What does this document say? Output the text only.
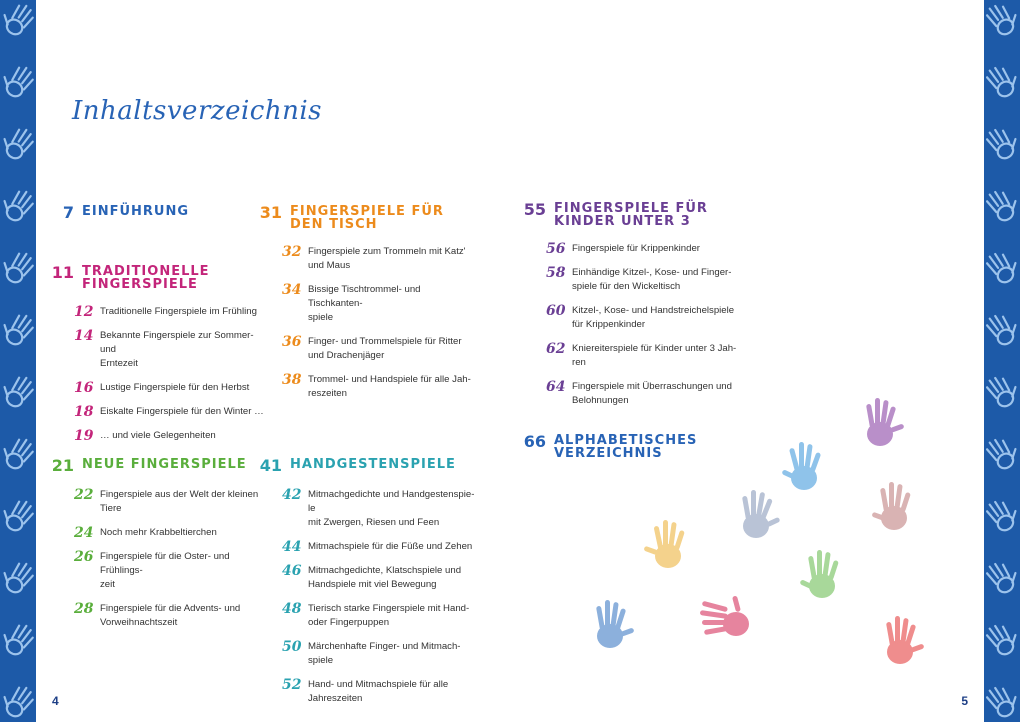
Inhaltsverzeichnis
7 EINFÜHRUNG
11 TRADITIONELLE FINGERSPIELE
12 Traditionelle Fingerspiele im Frühling
14 Bekannte Fingerspiele zur Sommer- und
Erntezeit
16 Lustige Fingerspiele für den Herbst
18 Eiskalte Fingerspiele für den Winter …
19 … und viele Gelegenheiten
21 NEUE FINGERSPIELE
22 Fingerspiele aus der Welt der kleinen
Tiere
24 Noch mehr Krabbeltierchen
26 Fingerspiele für die Oster- und Frühlings-
zeit
28 Fingerspiele für die Advents- und
Vorweihnachtszeit
31 FINGERSPIELE FÜR DEN TISCH
32 Fingerspiele zum Trommeln mit Katz'
und Maus
34 Bissige Tischtrommel- und Tischkanten-
spiele
36 Finger- und Trommelspiele für Ritter
und Drachenjäger
38 Trommel- und Handspiele für alle Jah-
reszeiten
41 HANDGESTENSPIELE
42 Mitmachgedichte und Handgestenspie-
le
mit Zwergen, Riesen und Feen
44 Mitmachspiele für die Füße und Zehen
46 Mitmachgedichte, Klatschspiele und
Handspiele mit viel Bewegung
48 Tierisch starke Fingerspiele mit Hand-
oder Fingerpuppen
50 Märchenhafte Finger- und Mitmach-
spiele
52 Hand- und Mitmachspiele für alle
Jahreszeiten
55 FINGERSPIELE FÜR KINDER UNTER 3
56 Fingerspiele für Krippenkinder
58 Einhändige Kitzel-, Kose- und Finger-
spiele für den Wickeltisch
60 Kitzel-, Kose- und Handstreichelspiele
für Krippenkinder
62 Kniereiterspiele für Kinder unter 3 Jah-
ren
64 Fingerspiele mit Überraschungen und
Belohnungen
66 ALPHABETISCHES VERZEICHNIS
4	5
